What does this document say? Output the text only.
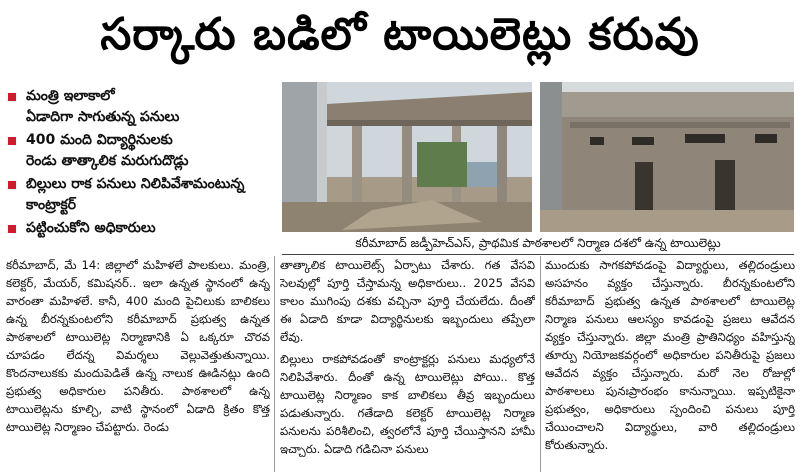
సర్కారు బడిలో టాయిలెట్లు కరువు
మంత్రి ఇలాకాలో
ఏడాదిగా సాగుతున్న పనులు
400 మంది విద్యార్థినులకు
రెండు తాత్కాలిక మరుగుదొడ్లు
బిల్లులు రాక పనులు నిలిపివేశామంటున్న
కాంట్రాక్టర్
పట్టించుకోని అధికారులు
కరీమాబాద్ జడ్పీహెచ్ఎస్, ప్రాథమిక పాఠశాలలో నిర్మాణ దశలో ఉన్న టాయిలెట్లు

కరీమాబాద్, మే 14: జిల్లాలో మహిళలే పాలకులు. మంత్రి, కలెక్టర్, మేయర్, కమిషనర్.. ఇలా ఉన్నత స్థానంలో ఉన్న వారంతా మహిళలే. కానీ, 400 మంది పైచిలుకు బాలికలు ఉన్న బీరన్నకుంటలోని కరీమాబాద్ ప్రభుత్వ ఉన్నత పాఠశాలలో టాయిలెట్ల నిర్మాణానికి ఏ ఒక్కరూ చొరవ చూపడం లేదన్న విమర్శలు వెల్లువెత్తుతున్నాయి. కొందనాలుకకు మందుపెడితే ఉన్న నాలుక ఊడినట్లు ఉంది ప్రభుత్వ అధికారుల పనితీరు. పాఠశాలలో ఉన్న టాయిలెట్లను కూల్చి, వాటి స్థానంలో ఏడాది క్రితం కొత్త టాయిలెట్ల నిర్మాణం చేపట్టారు. రెండు

తాత్కాలిక టాయిలెట్స్ ఏర్పాటు చేశారు. గత వేసవి సెలవుల్లో పూర్తి చేస్తామన్న అధికారులు.. 2025 వేసవి కాలం ముగింపు దశకు వచ్చినా పూర్తి చేయలేదు. దీంతో ఈ ఏడాది కూడా విద్యార్థినులకు ఇబ్బందులు తప్పేలా లేవు.

బిల్లులు రాకపోవడంతో కాంట్రాక్టర్లు పనులు మధ్యలోనే నిలిపివేశారు. దీంతో ఉన్న టాయిలెట్లు పోయి.. కొత్త టాయిలెట్ల నిర్మాణం కాక బాలికలు తీవ్ర ఇబ్బందులు పడుతున్నారు. గతేడాది కలెక్టర్ టాయిలెట్ల నిర్మాణ పనులను పరిశీలించి, త్వరలోనే పూర్తి చేయిస్తానని హామీ ఇచ్చారు. ఏడాది గడిచినా పనులు

ముందుకు సాగకపోవడంపై విద్యార్థులు, తల్లిదండ్రులు అసహనం వ్యక్తం చేస్తున్నారు. బీరన్నకుంటలోని కరీమాబాద్ ప్రభుత్వ ఉన్నత పాఠశాలలో టాయిలెట్ల నిర్మాణ పనులు ఆలస్యం కావడంపై ప్రజలు ఆవేదన వ్యక్తం చేస్తున్నారు. జిల్లా మంత్రి ప్రాతినిధ్యం వహిస్తున్న తూర్పు నియోజకవర్గంలో అధికారుల పనితీరుపై ప్రజలు ఆవేదన వ్యక్తం చేస్తున్నారు. మరో నెల రోజుల్లో పాఠశాలలు పునఃప్రారంభం కానున్నాయి. ఇప్పటికైనా ప్రభుత్వం, అధికారులు స్పందించి పనులు పూర్తి చేయించాలని విద్యార్థులు, వారి తల్లిదండ్రులు కోరుతున్నారు.
